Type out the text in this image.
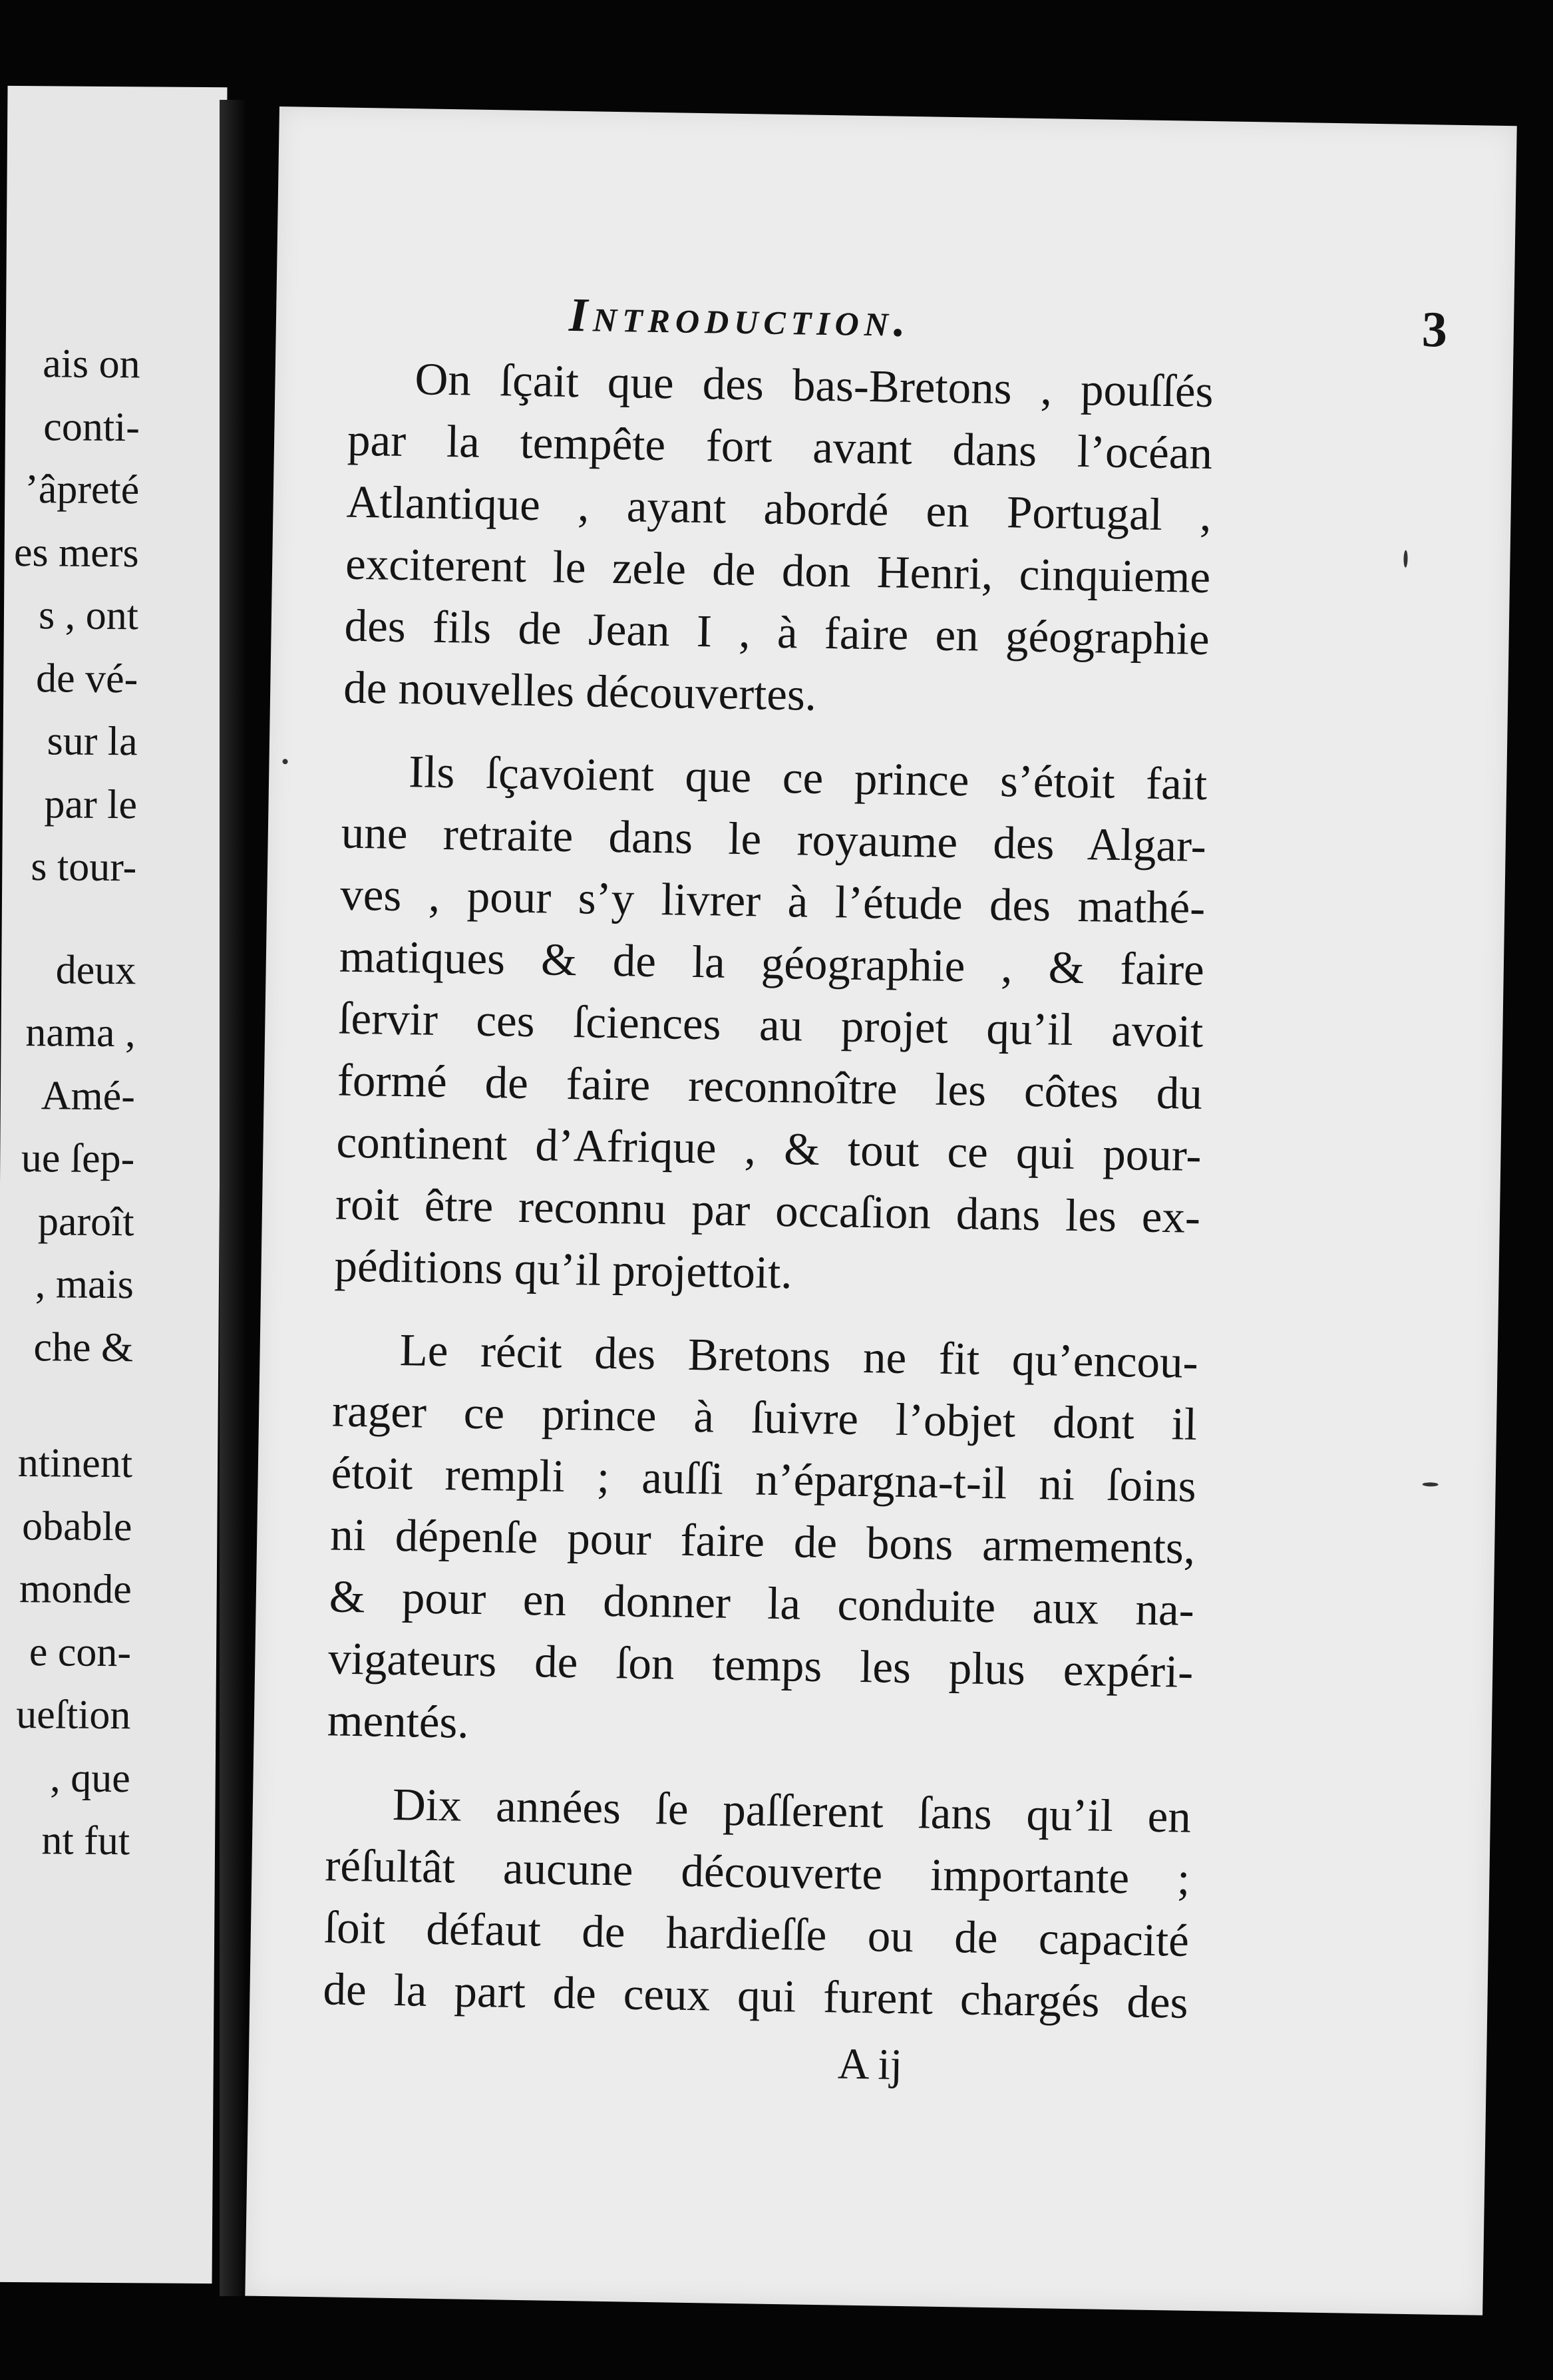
ais on
conti-
’âpreté
es mers
s , ont
de vé-
sur la
par le
s tour-
deux
nama ,
Amé-
ue ſep-
paroît
, mais
che &
ntinent
obable
monde
e con-
ueſtion
, que
nt fut
Introduction.	3
On ſçait que des bas-Bretons , pouſſés
par la tempête fort avant dans l’océan
Atlantique , ayant abordé en Portugal ,
exciterent le zele de don Henri, cinquieme
des fils de Jean I , à faire en géographie
de nouvelles découvertes.
Ils ſçavoient que ce prince s’étoit fait
une retraite dans le royaume des Algar-
ves , pour s’y livrer à l’étude des mathé-
matiques & de la géographie , & faire
ſervir ces ſciences au projet qu’il avoit
formé de faire reconnoître les côtes du
continent d’Afrique , & tout ce qui pour-
roit être reconnu par occaſion dans les ex-
péditions qu’il projettoit.
Le récit des Bretons ne fit qu’encou-
rager ce prince à ſuivre l’objet dont il
étoit rempli ; auſſi n’épargna-t-il ni ſoins
ni dépenſe pour faire de bons armements,
& pour en donner la conduite aux na-
vigateurs de ſon temps les plus expéri-
mentés.
Dix années ſe paſſerent ſans qu’il en
réſultât aucune découverte importante ;
ſoit défaut de hardieſſe ou de capacité
de la part de ceux qui furent chargés des
A ij
